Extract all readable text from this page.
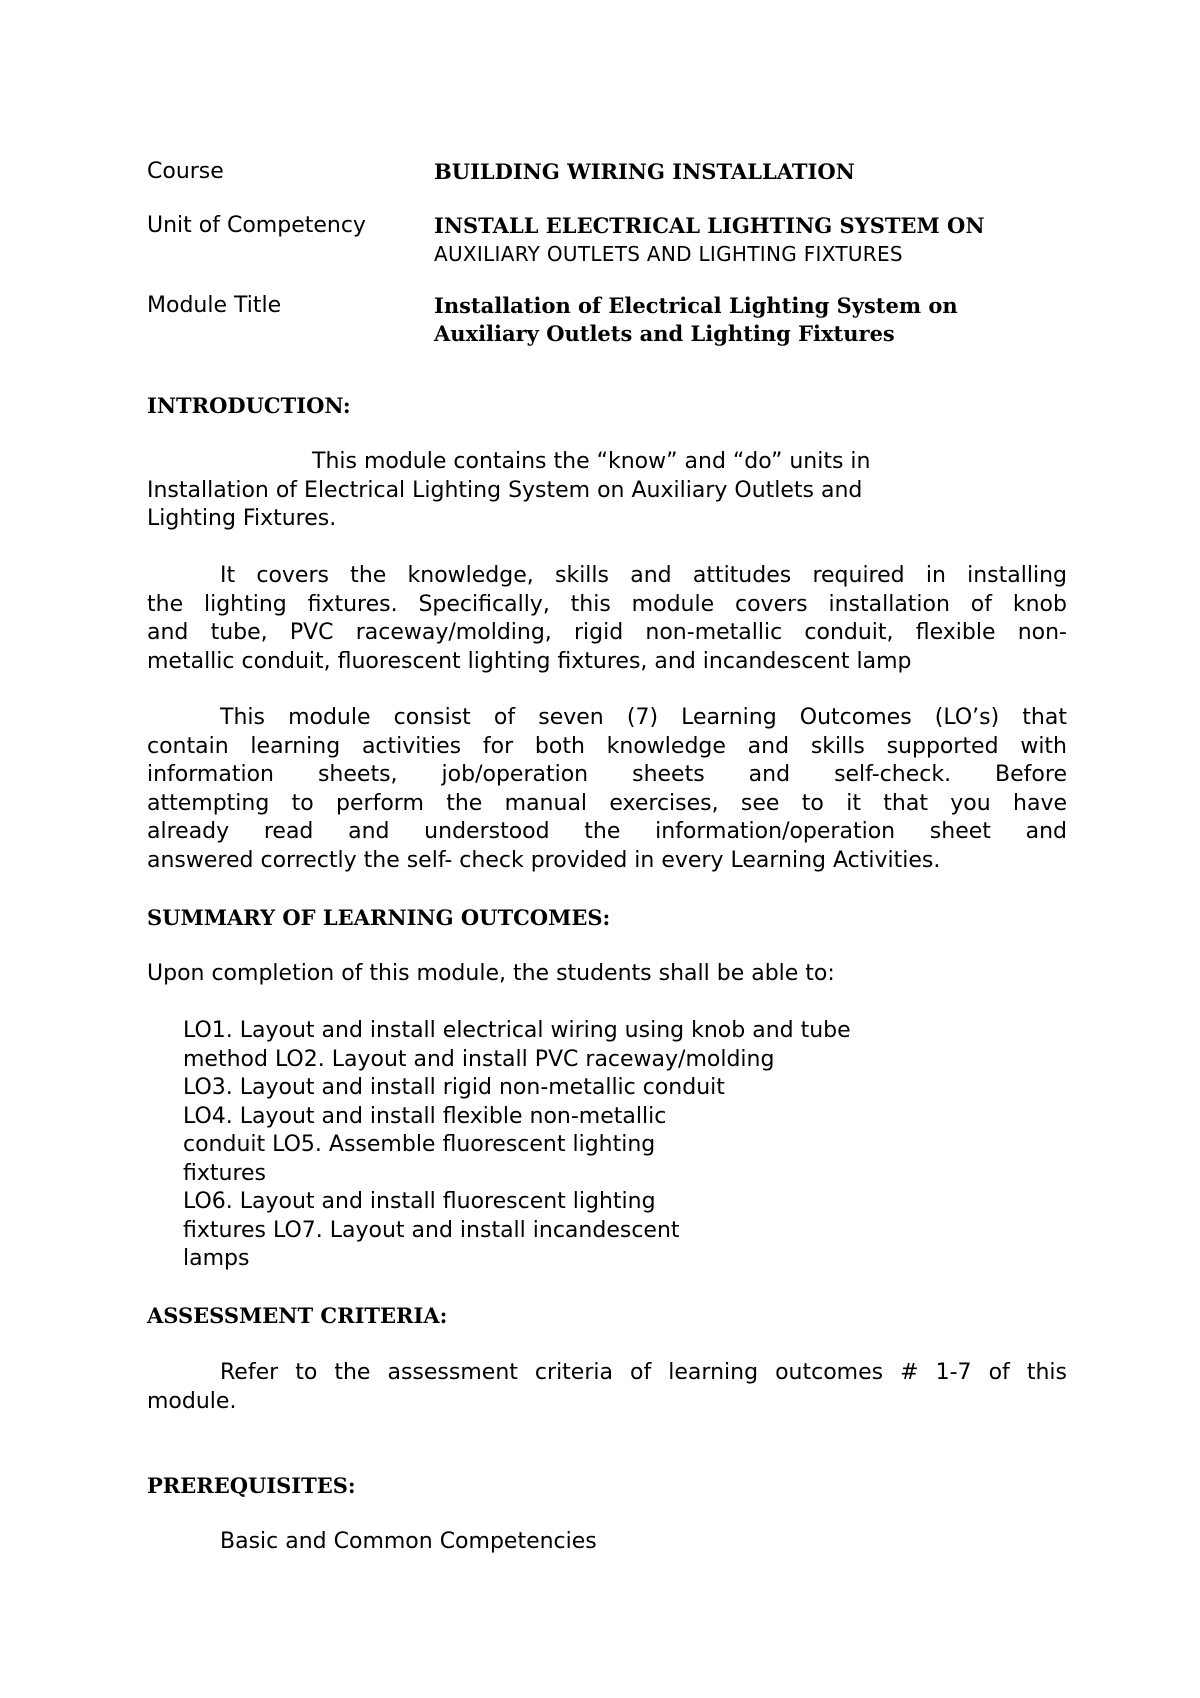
Course	BUILDING WIRING INSTALLATION
Unit of Competency	INSTALL ELECTRICAL LIGHTING SYSTEM ON
AUXILIARY OUTLETS AND LIGHTING FIXTURES
Module Title	Installation of Electrical Lighting System on
Auxiliary Outlets and Lighting Fixtures
INTRODUCTION:
This module contains the “know” and “do” units in
Installation of Electrical Lighting System on Auxiliary Outlets and
Lighting Fixtures.
It covers the knowledge, skills and attitudes required in installing
the lighting fixtures. Specifically, this module covers installation of knob
and tube, PVC raceway/molding, rigid non-metallic conduit, flexible non-
metallic conduit, fluorescent lighting fixtures, and incandescent lamp
This module consist of seven (7) Learning Outcomes (LO’s) that
contain learning activities for both knowledge and skills supported with
information sheets, job/operation sheets and self-check. Before
attempting to perform the manual exercises, see to it that you have
already read and understood the information/operation sheet and
answered correctly the self- check provided in every Learning Activities.
SUMMARY OF LEARNING OUTCOMES:
Upon completion of this module, the students shall be able to:
LO1. Layout and install electrical wiring using knob and tube
method LO2. Layout and install PVC raceway/molding
LO3. Layout and install rigid non-metallic conduit
LO4. Layout and install flexible non-metallic
conduit LO5. Assemble fluorescent lighting
fixtures
LO6. Layout and install fluorescent lighting
fixtures LO7. Layout and install incandescent
lamps
ASSESSMENT CRITERIA:
Refer to the assessment criteria of learning outcomes # 1-7 of this
module.
PREREQUISITES:
Basic and Common Competencies
